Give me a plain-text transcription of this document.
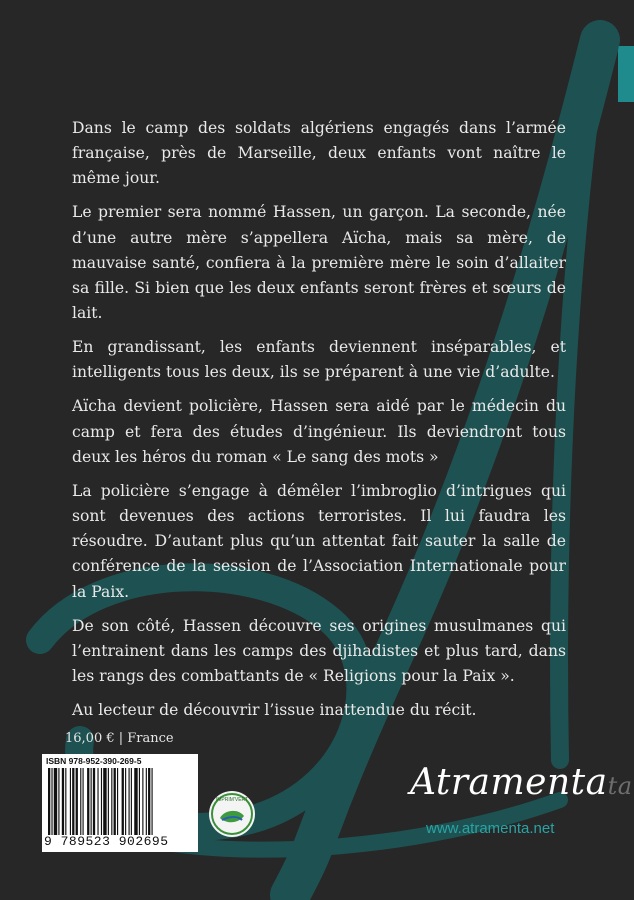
Dans le camp des soldats algériens engagés dans l’armée française, près de Marseille, deux enfants vont naître le même jour.

Le premier sera nommé Hassen, un garçon. La seconde, née d’une autre mère s’appellera Aïcha, mais sa mère, de mauvaise santé, confiera à la première mère le soin d’allaiter sa fille. Si bien que les deux enfants seront frères et sœurs de lait.

En grandissant, les enfants deviennent inséparables, et intelligents tous les deux, ils se préparent à une vie d’adulte.

Aïcha devient policière, Hassen sera aidé par le médecin du camp et fera des études d’ingénieur. Ils deviendront tous deux les héros du roman « Le sang des mots »

La policière s’engage à démêler l’imbroglio d’intrigues qui sont devenues des actions terroristes. Il lui faudra les résoudre. D’autant plus qu’un attentat fait sauter la salle de conférence de la session de l’Association Internationale pour la Paix.

De son côté, Hassen découvre ses origines musulmanes qui l’entrainent dans les camps des djihadistes et plus tard, dans les rangs des combattants de « Religions pour la Paix ».

Au lecteur de découvrir l’issue inattendue du récit.

16,00 € | France
ISBN 978-952-390-269-5
9 789523 902695
IMPRIM'VERT	Atramentata
www.atramenta.net
